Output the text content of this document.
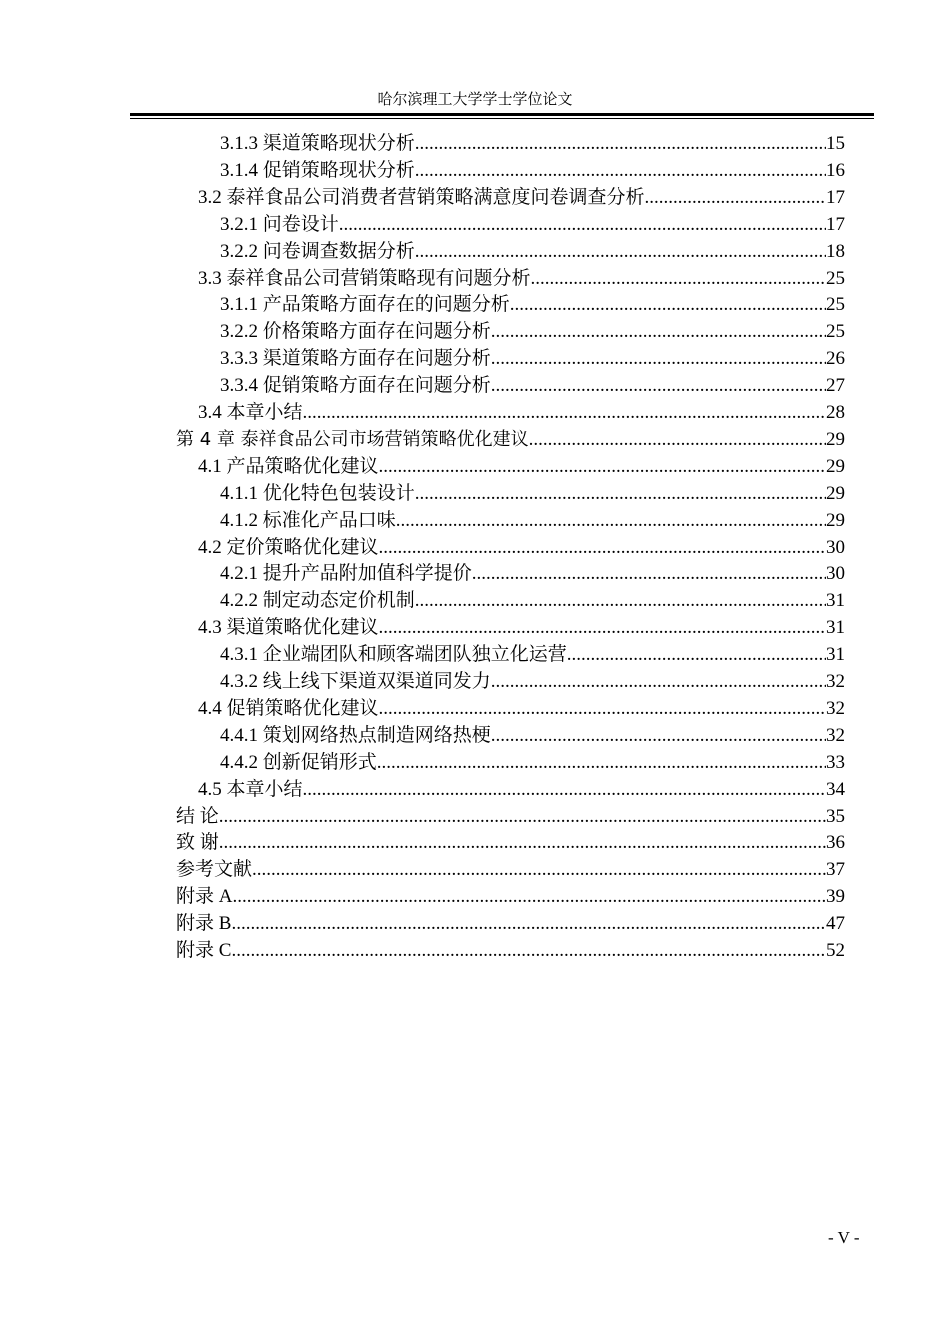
哈尔滨理工大学学士学位论文
3.1.3 渠道策略现状分析 .....	15
3.1.4 促销策略现状分析 .....	16
3.2 泰祥食品公司消费者营销策略满意度问卷调查分析 .....	17
3.2.1 问卷设计 .....	17
3.2.2 问卷调查数据分析 .....	18
3.3 泰祥食品公司营销策略现有问题分析 .....	25
3.1.1 产品策略方面存在的问题分析 .....	25
3.2.2 价格策略方面存在问题分析 .....	25
3.3.3 渠道策略方面存在问题分析 .....	26
3.3.4 促销策略方面存在问题分析 .....	27
3.4 本章小结 .....	28
第 4 章 泰祥食品公司市场营销策略优化建议 .....	29
4.1 产品策略优化建议 .....	29
4.1.1 优化特色包装设计 .....	29
4.1.2 标准化产品口味 .....	29
4.2 定价策略优化建议 .....	30
4.2.1 提升产品附加值科学提价 .....	30
4.2.2 制定动态定价机制 .....	31
4.3 渠道策略优化建议 .....	31
4.3.1 企业端团队和顾客端团队独立化运营 .....	31
4.3.2 线上线下渠道双渠道同发力 .....	32
4.4 促销策略优化建议 .....	32
4.4.1 策划网络热点制造网络热梗 .....	32
4.4.2 创新促销形式 .....	33
4.5 本章小结 .....	34
结 论 .....	35
致 谢 .....	36
参考文献 .....	37
附录 A .....	39
附录 B .....	47
附录 C .....	52
- V -
